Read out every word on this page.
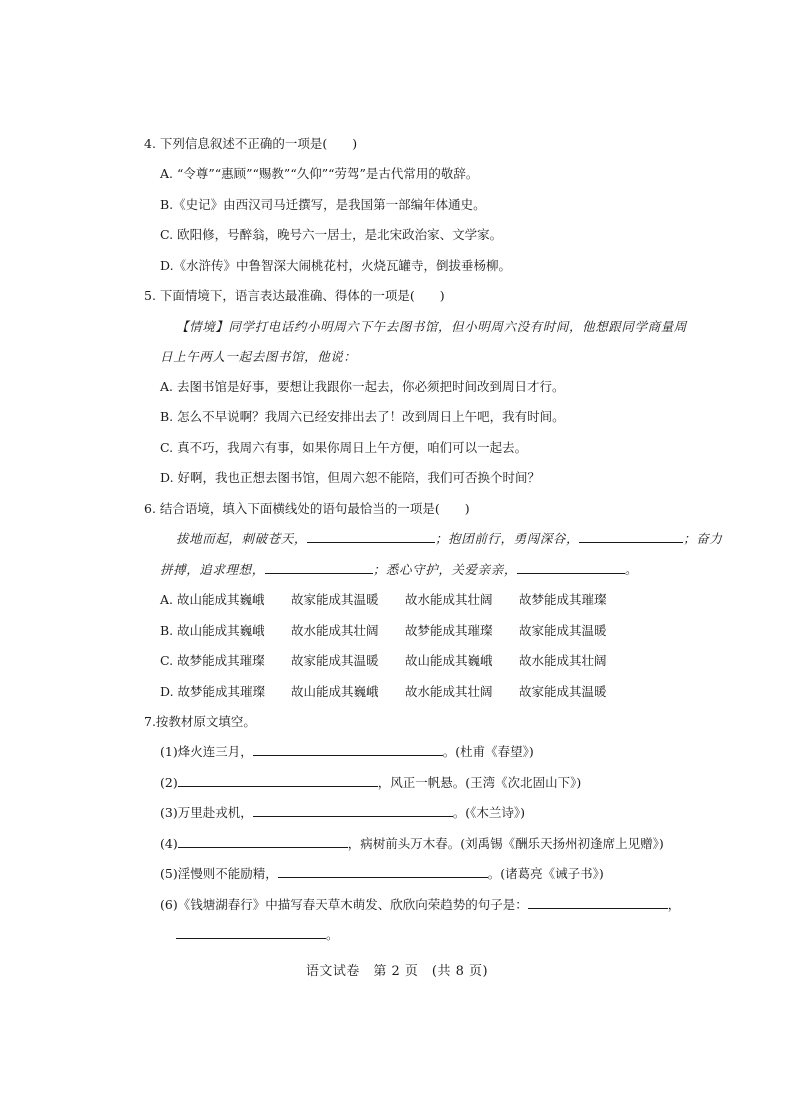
4. 下列信息叙述不正确的一项是(　　)
A. “令尊”“惠顾”“赐教”“久仰”“劳驾”是古代常用的敬辞。
B.《史记》由西汉司马迁撰写，是我国第一部编年体通史。
C. 欧阳修，号醉翁，晚号六一居士，是北宋政治家、文学家。
D.《水浒传》中鲁智深大闹桃花村，火烧瓦罐寺，倒拔垂杨柳。
5. 下面情境下，语言表达最准确、得体的一项是(　　)
【情境】同学打电话约小明周六下午去图书馆，但小明周六没有时间，他想跟同学商量周
日上午两人一起去图书馆，他说：
A. 去图书馆是好事，要想让我跟你一起去，你必须把时间改到周日才行。
B. 怎么不早说啊？我周六已经安排出去了！改到周日上午吧，我有时间。
C. 真不巧，我周六有事，如果你周日上午方便，咱们可以一起去。
D. 好啊，我也正想去图书馆，但周六恕不能陪，我们可否换个时间？
6. 结合语境，填入下面横线处的语句最恰当的一项是(　　)
拔地而起，刺破苍天，	；抱团前行，勇闯深谷，	；奋力
拼搏，追求理想，	；悉心守护，关爱亲亲，	。
A. 故山能成其巍峨 故家能成其温暖 故水能成其壮阔 故梦能成其璀璨
B. 故山能成其巍峨 故水能成其壮阔 故梦能成其璀璨 故家能成其温暖
C. 故梦能成其璀璨 故家能成其温暖 故山能成其巍峨 故水能成其壮阔
D. 故梦能成其璀璨 故山能成其巍峨 故水能成其壮阔 故家能成其温暖
7.按教材原文填空。
(1)烽火连三月，	。(杜甫《春望》)
(2)	，风正一帆悬。(王湾《次北固山下》)
(3)万里赴戎机，	。(《木兰诗》)
(4)	，病树前头万木春。(刘禹锡《酬乐天扬州初逢席上见赠》)
(5)淫慢则不能励精，	。(诸葛亮《诫子书》)
(6)《钱塘湖春行》中描写春天草木萌发、欣欣向荣趋势的句子是：	，
。
语文试卷　第 2 页　(共 8 页)
